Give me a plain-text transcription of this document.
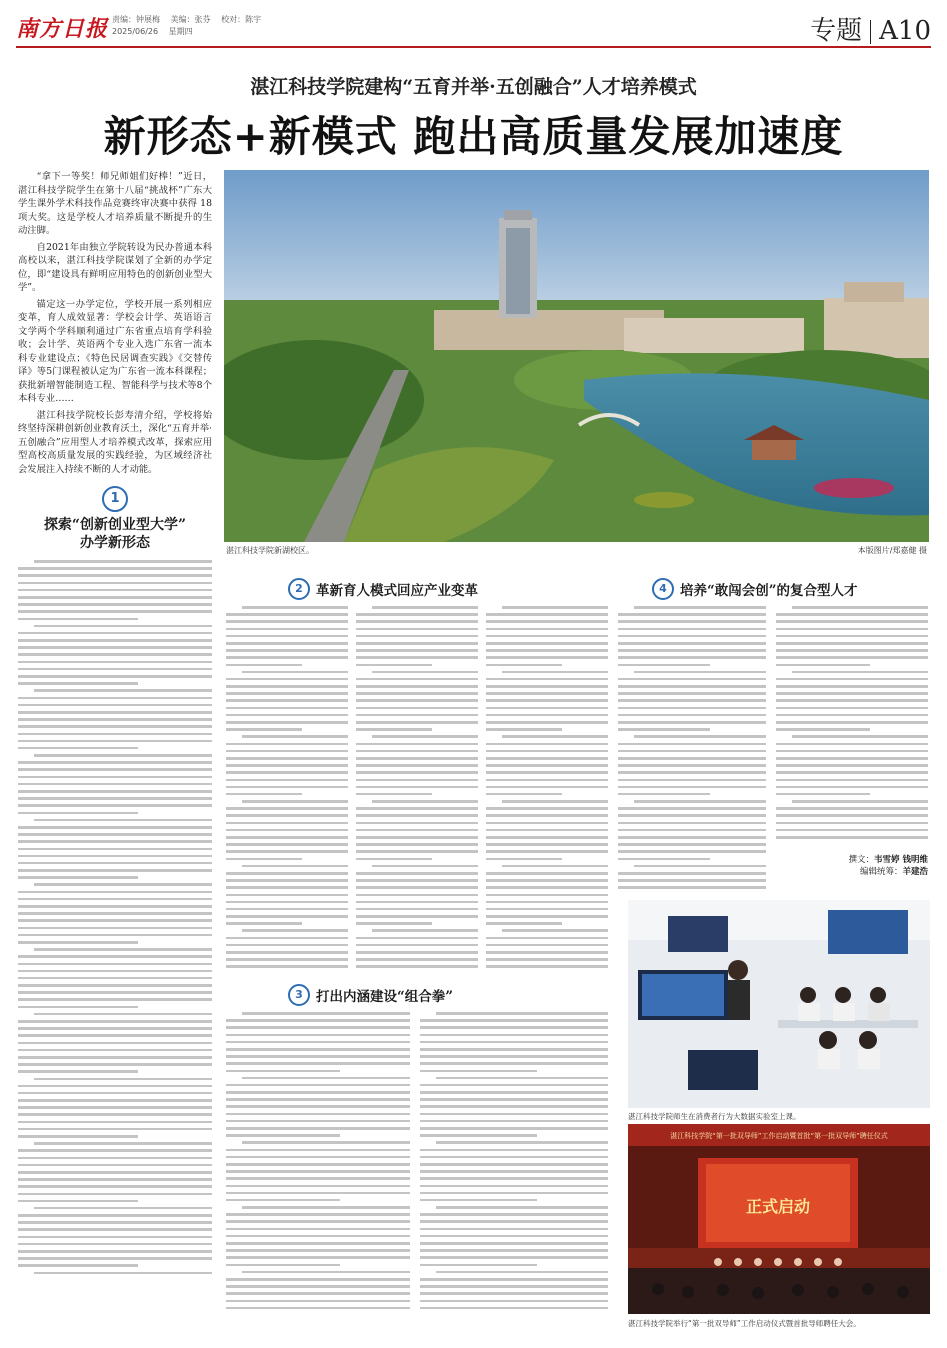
南方日报 责编：钟展梅 美编：张芬 校对：陈宇
2025/06/26 星期四	专题 A10
湛江科技学院建构“五育并举·五创融合”人才培养模式
新形态+新模式 跑出高质量发展加速度

“拿下一等奖！师兄师姐们好棒！”近日，湛江科技学院学生在第十八届“挑战杯”广东大学生课外学术科技作品竞赛终审决赛中获得 18 项大奖。这是学校人才培养质量不断提升的生动注脚。

自2021年由独立学院转设为民办普通本科高校以来，湛江科技学院谋划了全新的办学定位，即“建设具有鲜明应用特色的创新创业型大学”。

锚定这一办学定位，学校开展一系列相应变革，育人成效显著：学校会计学、英语语言文学两个学科顺利通过广东省重点培育学科验收；会计学、英语两个专业入选广东省一流本科专业建设点；《特色民居调查实践》《交替传译》等5门课程被认定为广东省一流本科课程；获批新增智能制造工程、智能科学与技术等8个本科专业……

湛江科技学院校长彭寿清介绍，学校将始终坚持深耕创新创业教育沃土，深化“五育并举·五创融合”应用型人才培养模式改革，探索应用型高校高质量发展的实践经验，为区域经济社会发展注入持续不断的人才动能。

1
探索“创新创业型大学”
办学新形态	湛江科技学院新湖校区。	本版图片/郑嘉健 摄
2 革新育人模式回应产业变革
3 打出内涵建设“组合拳”
4 培养“敢闯会创”的复合型人才
撰文：韦雪婷 钱明维
编辑统筹：羊建浩
湛江科技学院师生在消费者行为大数据实验室上课。
湛江科技学院“第一批双导师”工作启动暨首批“第一批双导师”聘任仪式
正式启动
湛江科技学院举行“第一批双导师”工作启动仪式暨首批导师聘任大会。
